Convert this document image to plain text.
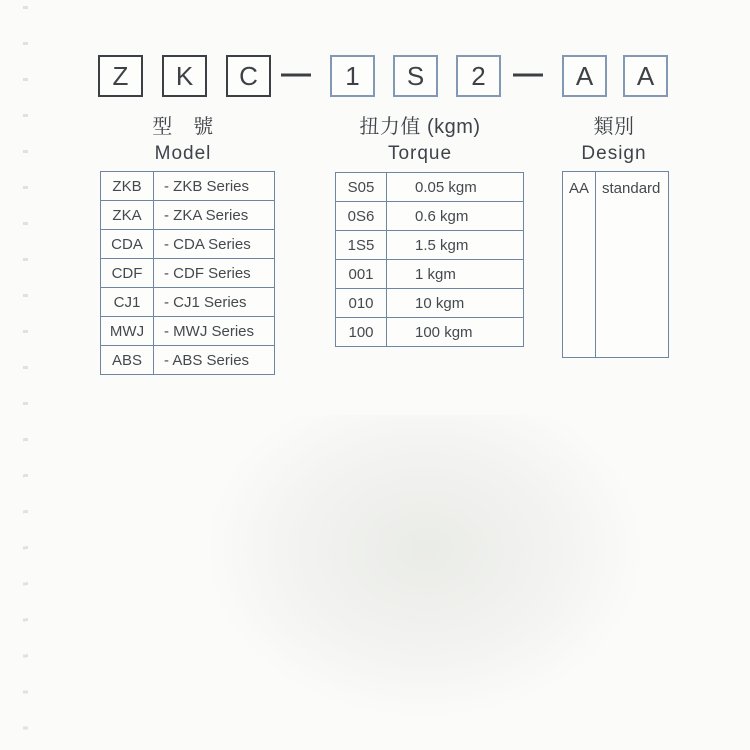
Z	K	C —	1	S	2 —	A	A
型　號
Model
扭力值 (kgm)
Torque
類別
Design
ZKB	- ZKB Series
ZKA	- ZKA Series
CDA	- CDA Series
CDF	- CDF Series
CJ1	- CJ1 Series
MWJ	- MWJ Series
ABS	- ABS Series
S05	0.05 kgm
0S6	0.6 kgm
1S5	1.5 kgm
001	1 kgm
010	10 kgm
100	100 kgm
AA	standard
